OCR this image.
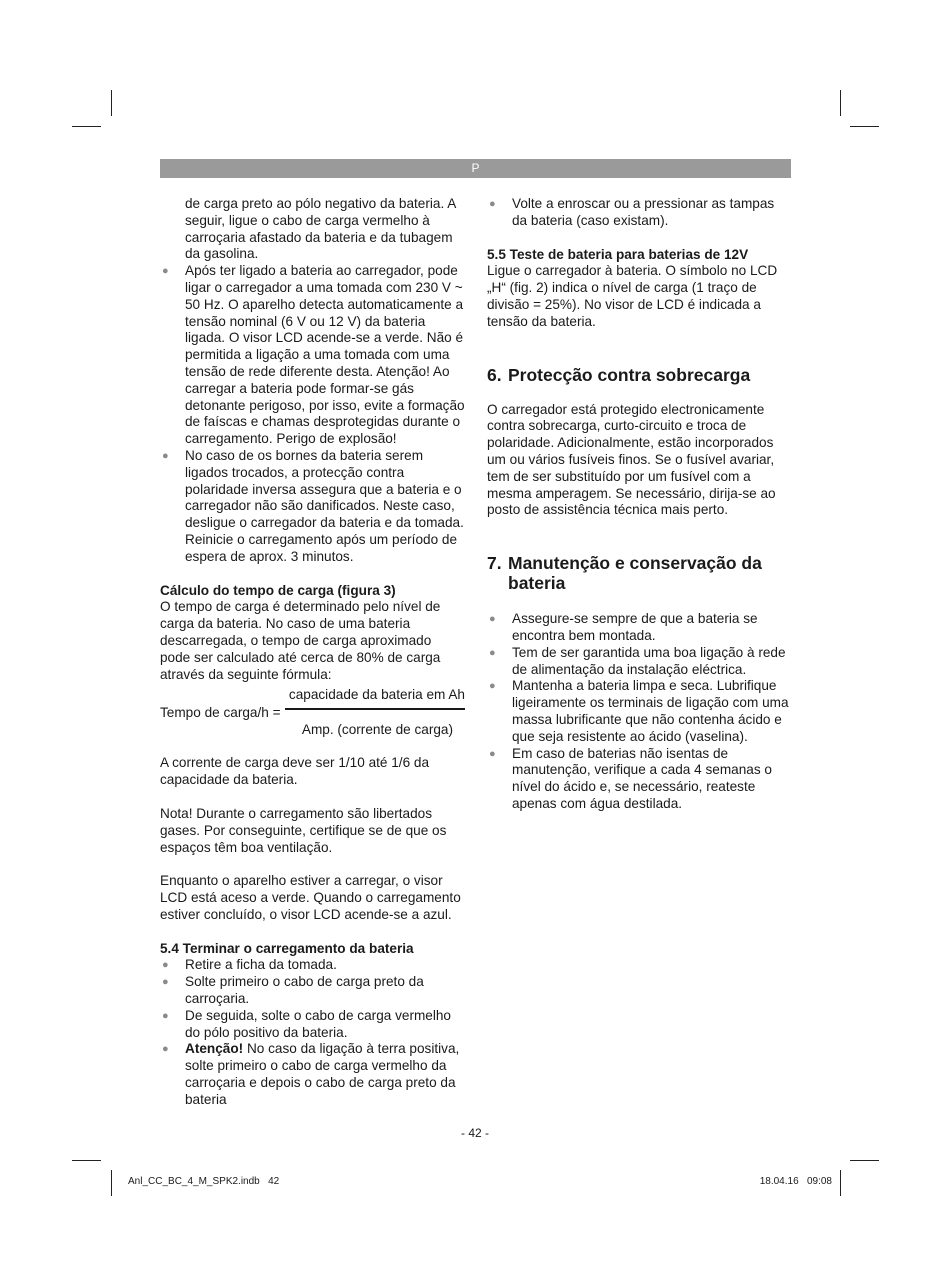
P

de carga preto ao pólo negativo da bateria. A seguir, ligue o cabo de carga vermelho à carroçaria afastado da bateria e da tubagem da gasolina.

● Após ter ligado a bateria ao carregador, pode ligar o carregador a uma tomada com 230 V ~ 50 Hz. O aparelho detecta automaticamente a tensão nominal (6 V ou 12 V) da bateria ligada. O visor LCD acende-se a verde. Não é permitida a ligação a uma tomada com uma tensão de rede diferente desta. Atenção! Ao carregar a bateria pode formar-se gás detonante perigoso, por isso, evite a formação de faíscas e chamas desprotegidas durante o carregamento. Perigo de explosão!
● No caso de os bornes da bateria serem ligados trocados, a protecção contra polaridade inversa assegura que a bateria e o carregador não são danificados. Neste caso, desligue o carregador da bateria e da tomada. Reinicie o carregamento após um período de espera de aprox. 3 minutos.

Cálculo do tempo de carga (figura 3)

O tempo de carga é determinado pelo nível de carga da bateria. No caso de uma bateria descarregada, o tempo de carga aproximado pode ser calculado até cerca de 80% de carga através da seguinte fórmula:

Tempo de carga/h =
capacidade da bateria em Ah
Amp. (corrente de carga)

A corrente de carga deve ser 1/10 até 1/6 da capacidade da bateria.

Nota! Durante o carregamento são libertados gases. Por conseguinte, certifique se de que os espaços têm boa ventilação.

Enquanto o aparelho estiver a carregar, o visor LCD está aceso a verde. Quando o carregamento estiver concluído, o visor LCD acende-se a azul.

5.4 Terminar o carregamento da bateria

● Retire a ficha da tomada.
● Solte primeiro o cabo de carga preto da carroçaria.
● De seguida, solte o cabo de carga vermelho do pólo positivo da bateria.
● Atenção! No caso da ligação à terra positiva, solte primeiro o cabo de carga vermelho da carroçaria e depois o cabo de carga preto da bateria
● Volte a enroscar ou a pressionar as tampas da bateria (caso existam).

5.5 Teste de bateria para baterias de 12V

Ligue o carregador à bateria. O símbolo no LCD „H“ (fig. 2) indica o nível de carga (1 traço de divisão = 25%). No visor de LCD é indicada a tensão da bateria.

6. Protecção contra sobrecarga

O carregador está protegido electronicamente contra sobrecarga, curto-circuito e troca de polaridade. Adicionalmente, estão incorporados um ou vários fusíveis finos. Se o fusível avariar, tem de ser substituído por um fusível com a mesma amperagem. Se necessário, dirija-se ao posto de assistência técnica mais perto.

7. Manutenção e conservação da
bateria

● Assegure-se sempre de que a bateria se encontra bem montada.
● Tem de ser garantida uma boa ligação à rede de alimentação da instalação eléctrica.
● Mantenha a bateria limpa e seca. Lubrifique ligeiramente os terminais de ligação com uma massa lubrificante que não contenha ácido e que seja resistente ao ácido (vaselina).
● Em caso de baterias não isentas de manutenção, verifique a cada 4 semanas o nível do ácido e, se necessário, reateste apenas com água destilada.
- 42 -
Anl_CC_BC_4_M_SPK2.indb   42	18.04.16   09:08
